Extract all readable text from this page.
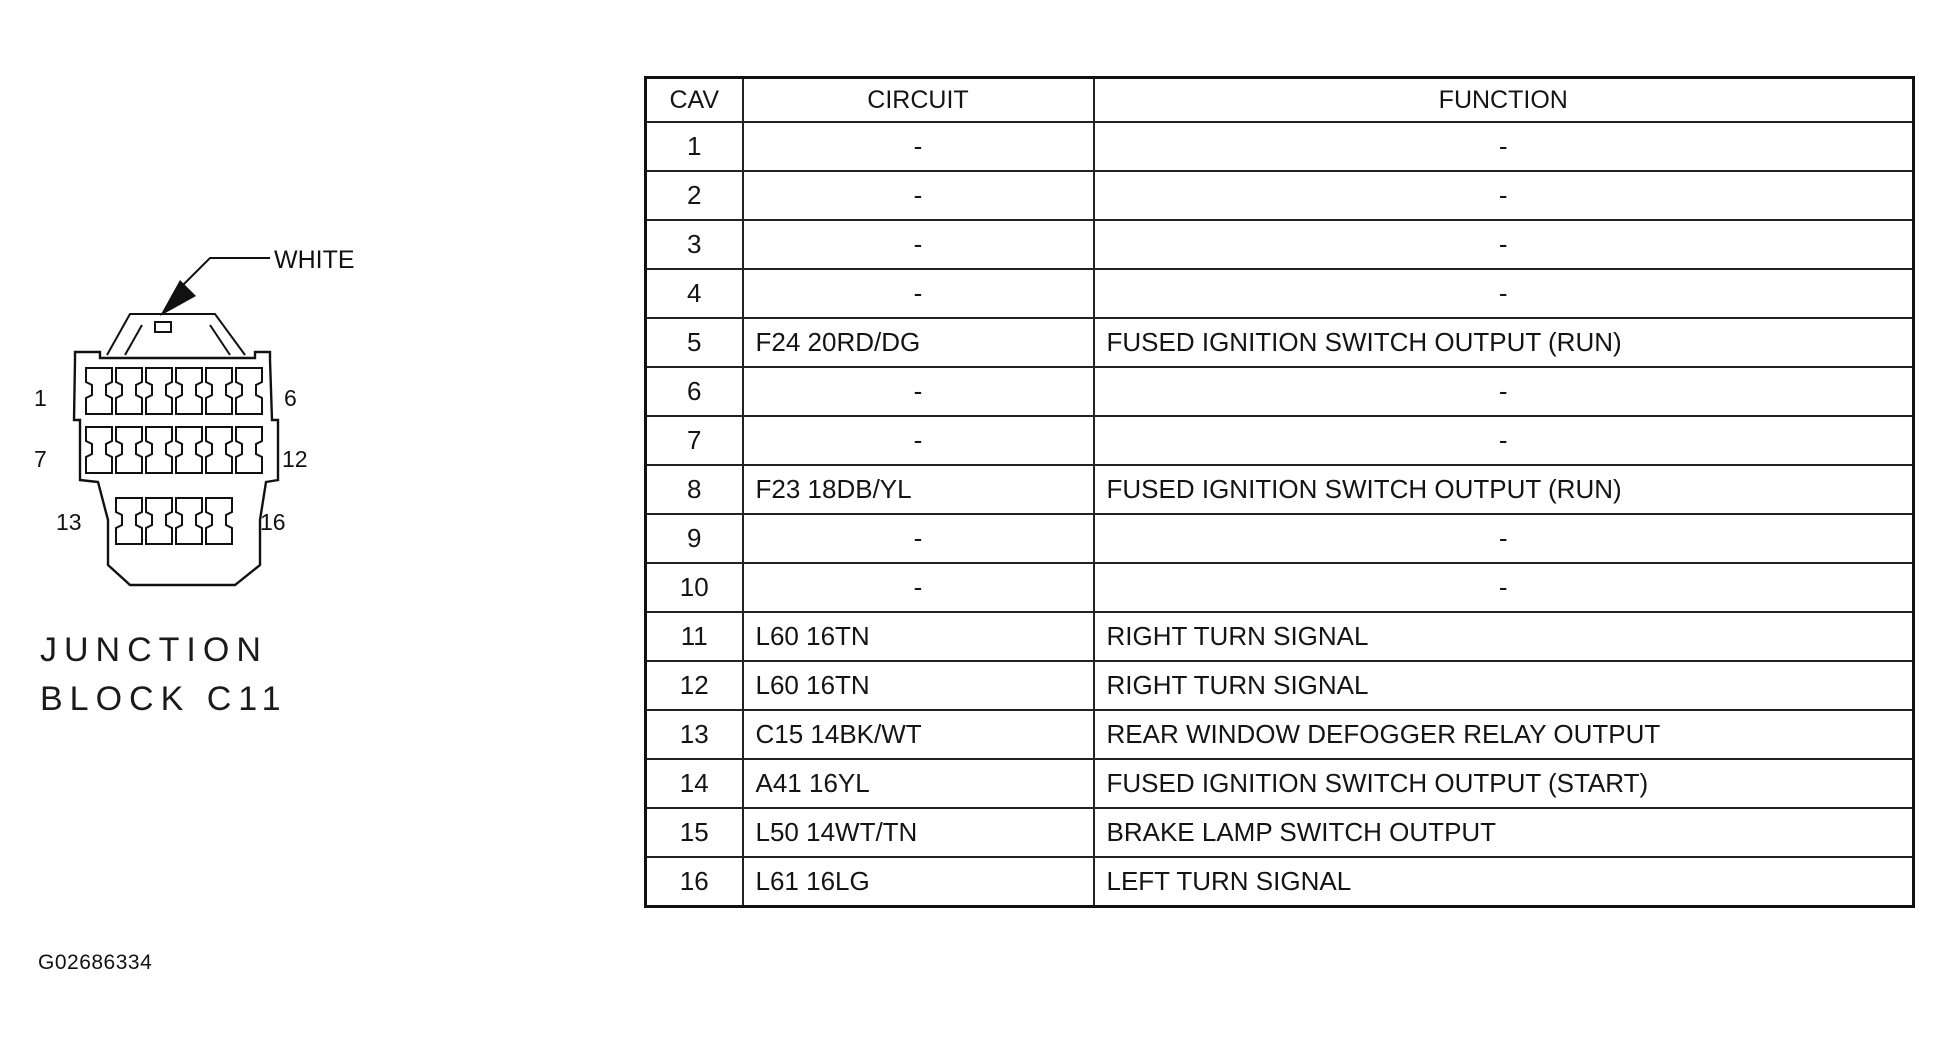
WHITE
1	6
7	12
13	16
JUNCTION
BLOCK C11
G02686334
CAV	CIRCUIT	FUNCTION
1	-	-
2	-	-
3	-	-
4	-	-
5	F24 20RD/DG	FUSED IGNITION SWITCH OUTPUT (RUN)
6	-	-
7	-	-
8	F23 18DB/YL	FUSED IGNITION SWITCH OUTPUT (RUN)
9	-	-
10	-	-
11	L60 16TN	RIGHT TURN SIGNAL
12	L60 16TN	RIGHT TURN SIGNAL
13	C15 14BK/WT	REAR WINDOW DEFOGGER RELAY OUTPUT
14	A41 16YL	FUSED IGNITION SWITCH OUTPUT (START)
15	L50 14WT/TN	BRAKE LAMP SWITCH OUTPUT
16	L61 16LG	LEFT TURN SIGNAL
